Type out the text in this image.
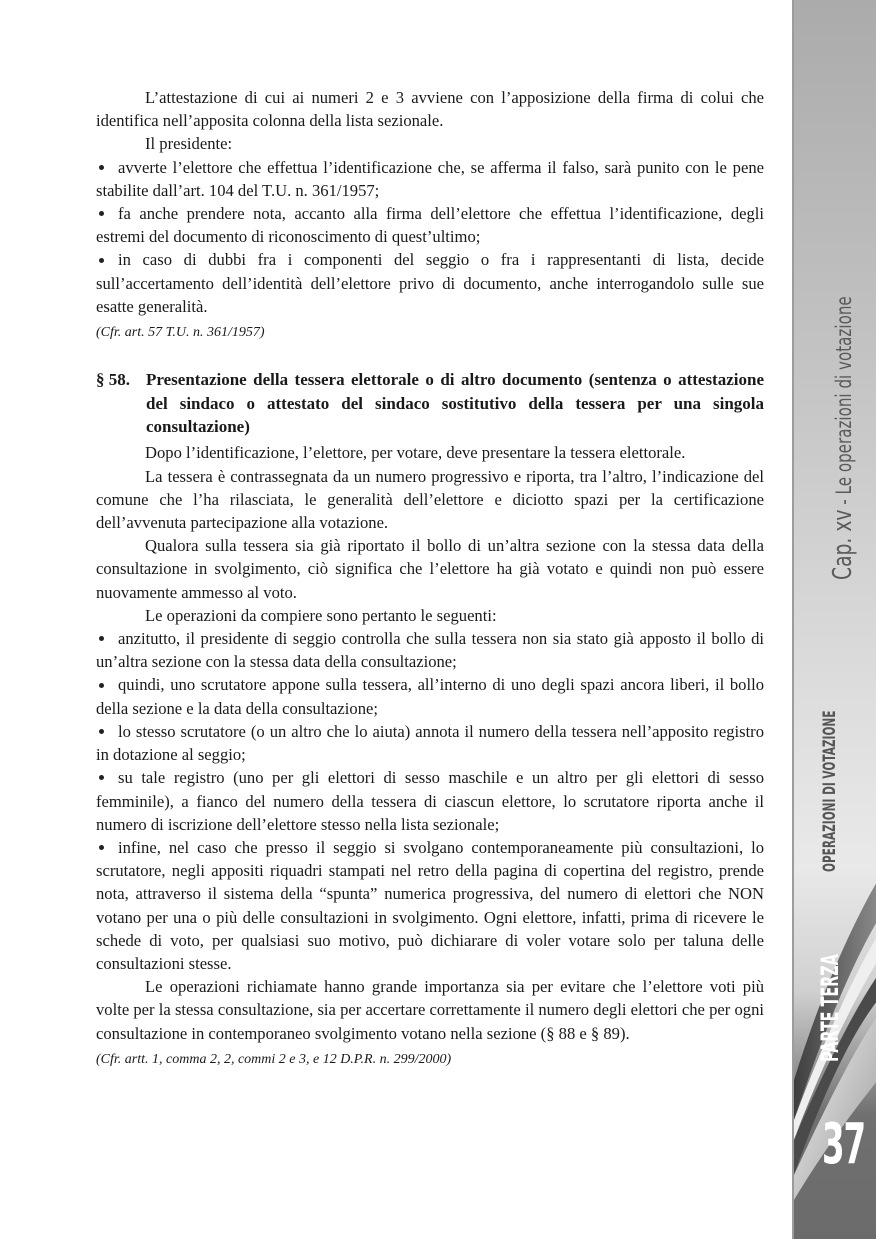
L’attestazione di cui ai numeri 2 e 3 avviene con l’apposizione della firma di colui che identifica nell’apposita colonna della lista sezionale.

Il presidente:

avverte l’elettore che effettua l’identificazione che, se afferma il falso, sarà punito con le pene stabilite dall’art. 104 del T.U. n. 361/1957;

fa anche prendere nota, accanto alla firma dell’elettore che effettua l’identificazione, degli estremi del documento di riconoscimento di quest’ultimo;

in caso di dubbi fra i componenti del seggio o fra i rappresentanti di lista, decide sull’accertamento dell’identità dell’elettore privo di documento, anche interrogandolo sulle sue esatte generalità.

(Cfr. art. 57 T.U. n. 361/1957)

§ 58. Presentazione della tessera elettorale o di altro documento (sentenza o attestazione del sindaco o attestato del sindaco sostitutivo della tessera per una singola consultazione)

Dopo l’identificazione, l’elettore, per votare, deve presentare la tessera elettorale.

La tessera è contrassegnata da un numero progressivo e riporta, tra l’altro, l’indicazione del comune che l’ha rilasciata, le generalità dell’elettore e diciotto spazi per la certificazione dell’avvenuta partecipazione alla votazione.

Qualora sulla tessera sia già riportato il bollo di un’altra sezione con la stessa data della consultazione in svolgimento, ciò significa che l’elettore ha già votato e quindi non può essere nuovamente ammesso al voto.

Le operazioni da compiere sono pertanto le seguenti:

anzitutto, il presidente di seggio controlla che sulla tessera non sia stato già apposto il bollo di un’altra sezione con la stessa data della consultazione;

quindi, uno scrutatore appone sulla tessera, all’interno di uno degli spazi ancora liberi, il bollo della sezione e la data della consultazione;

lo stesso scrutatore (o un altro che lo aiuta) annota il numero della tessera nell’apposito registro in dotazione al seggio;

su tale registro (uno per gli elettori di sesso maschile e un altro per gli elettori di sesso femminile), a fianco del numero della tessera di ciascun elettore, lo scrutatore riporta anche il numero di iscrizione dell’elettore stesso nella lista sezionale;

infine, nel caso che presso il seggio si svolgano contemporaneamente più consultazioni, lo scrutatore, negli appositi riquadri stampati nel retro della pagina di copertina del registro, prende nota, attraverso il sistema della “spunta” numerica progressiva, del numero di elettori che NON votano per una o più delle consultazioni in svolgimento. Ogni elettore, infatti, prima di ricevere le schede di voto, per qualsiasi suo motivo, può dichiarare di voler votare solo per taluna delle consultazioni stesse.

Le operazioni richiamate hanno grande importanza sia per evitare che l’elettore voti più volte per la stessa consultazione, sia per accertare correttamente il numero degli elettori che per ogni consultazione in contemporaneo svolgimento votano nella sezione (§ 88 e § 89).

(Cfr. artt. 1, comma 2, 2, commi 2 e 3, e 12 D.P.R. n. 299/2000)

Cap. xv - Le operazioni di votazione
OPERAZIONI DI VOTAZIONE
PARTE TERZA
37
